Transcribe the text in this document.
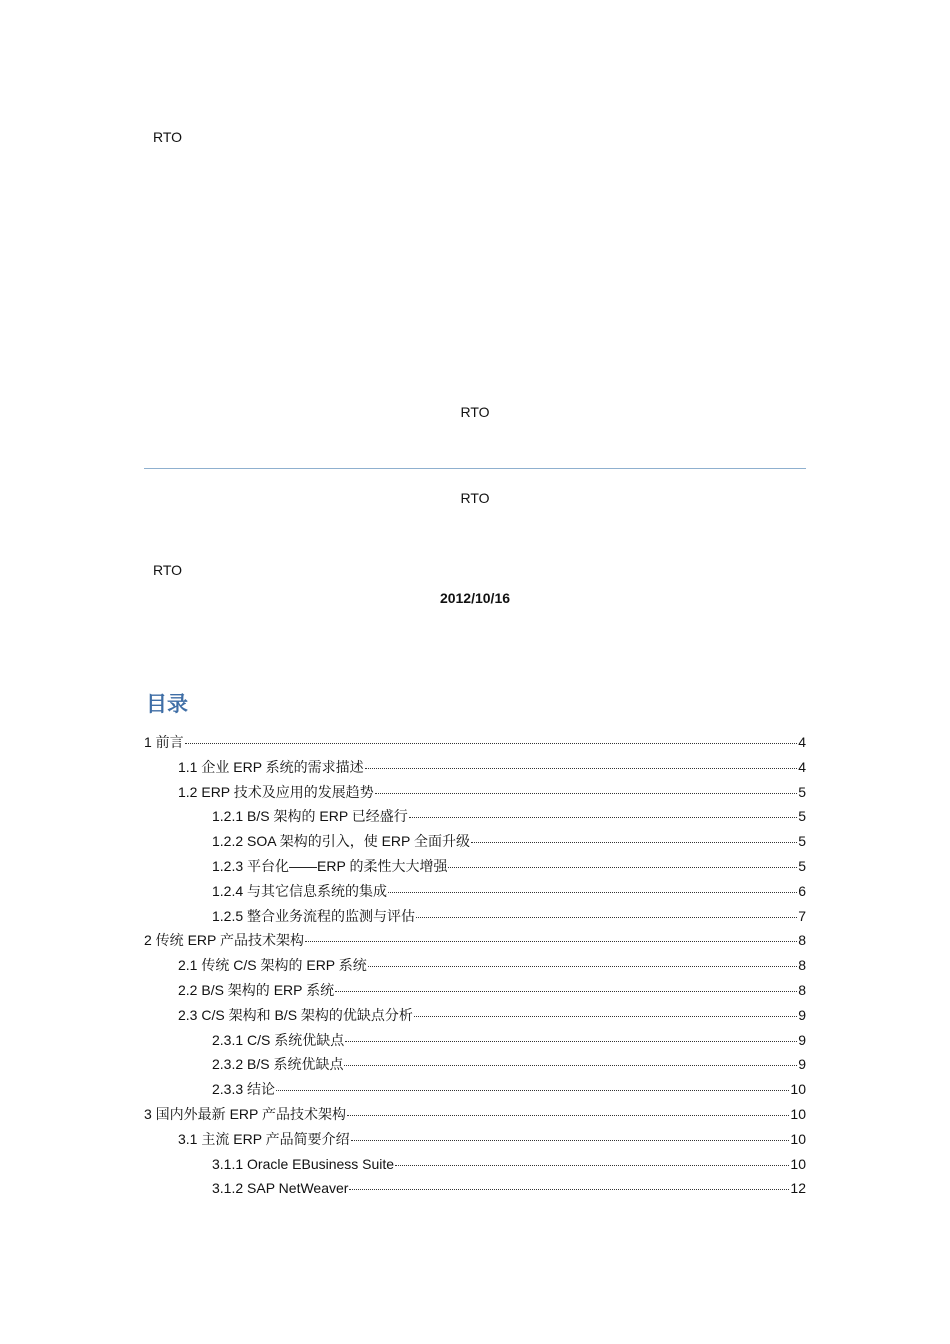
RTO
RTO
RTO
RTO
2012/10/16
目录
1 前言	4
1.1 企业 ERP 系统的需求描述	4
1.2 ERP 技术及应用的发展趋势	5
1.2.1 B/S 架构的 ERP 已经盛行	5
1.2.2 SOA 架构的引入，使 ERP 全面升级	5
1.2.3 平台化——ERP 的柔性大大增强	5
1.2.4 与其它信息系统的集成	6
1.2.5 整合业务流程的监测与评估	7
2 传统 ERP 产品技术架构	8
2.1 传统 C/S 架构的 ERP 系统	8
2.2 B/S 架构的 ERP 系统	8
2.3 C/S 架构和 B/S 架构的优缺点分析	9
2.3.1 C/S 系统优缺点	9
2.3.2 B/S 系统优缺点	9
2.3.3 结论	10
3 国内外最新 ERP 产品技术架构	10
3.1 主流 ERP 产品简要介绍	10
3.1.1 Oracle EBusiness Suite	10
3.1.2 SAP NetWeaver	12
